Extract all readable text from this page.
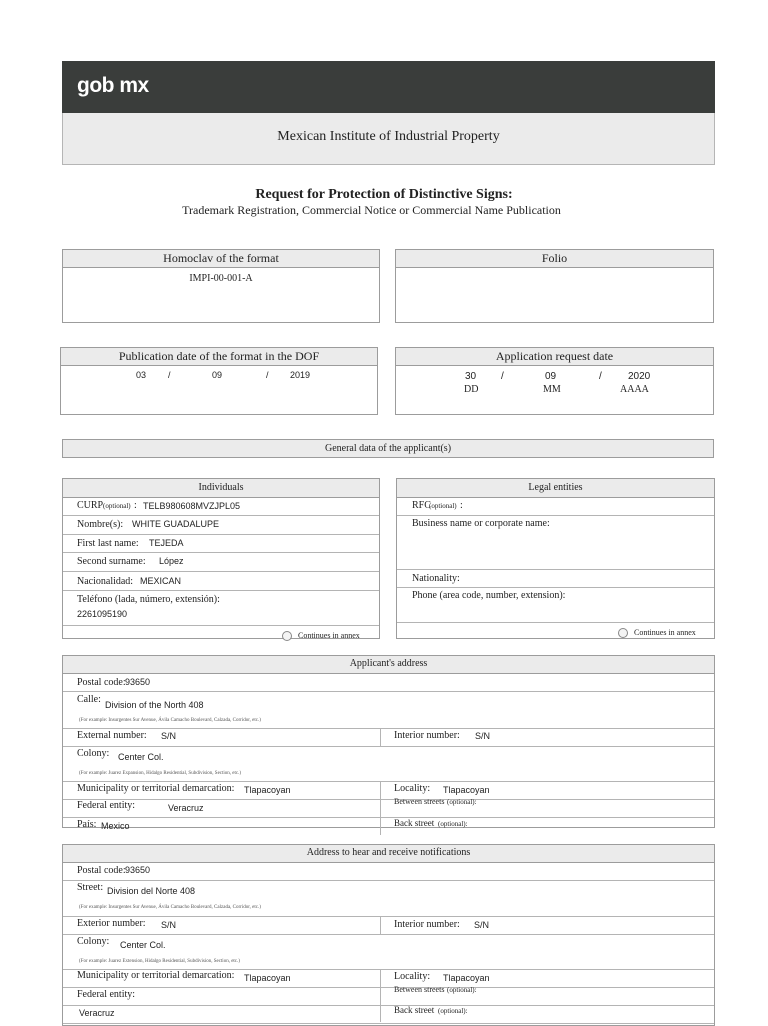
gob mx
Mexican Institute of Industrial Property
Request for Protection of Distinctive Signs:
Trademark Registration, Commercial Notice or Commercial Name Publication
Homoclav of the format
IMPI-00-001-A
Folio
Publication date of the format in the DOF
03 /	09	/ 2019
Application request date
30 /	09	/	2020
DD	MM	AAAA
General data of the applicant(s)
Individuals
CURP (optional) : TELB980608MVZJPL05
Nombre(s): WHITE GUADALUPE
First last name: TEJEDA
Second surname: López
Nacionalidad: MEXICAN
Teléfono (lada, número, extensión):
2261095190
Continues in annex
Legal entities
RFC
(optional) :
Business name or corporate name:
Nationality:
Phone (area code, number, extension):
Continues in annex
Applicant's address
Postal code: 93650
Calle: Division of the North 408
(For example: Insurgentes Sur Avenue, Ávila Camacho Boulevard, Calzada, Corridor, etc.)
External number: S/N	Interior number: S/N
Colony: Center Col.
(For example: Juarez Expansion, Hidalgo Residential, Subdivision, Section, etc.)
Municipality or territorial demarcation: Tlapacoyan	Locality: Tlapacoyan
Federal entity:	Veracruz
Between streets (optional):
País: Mexico	Back street (optional):
Address to hear and receive notifications
Postal code: 93650
Street: Division del Norte 408
(For example: Insurgentes Sur Avenue, Ávila Camacho Boulevard, Calzada, Corridor, etc.)
Exterior number: S/N	Interior number: S/N
Colony: Center Col.
(For example: Juarez Extension, Hidalgo Residential, Subdivision, Section, etc.)
Municipality or territorial demarcation: Tlapacoyan	Locality: Tlapacoyan
Federal entity:	Between streets (optional):
Veracruz	Back street (optional):
